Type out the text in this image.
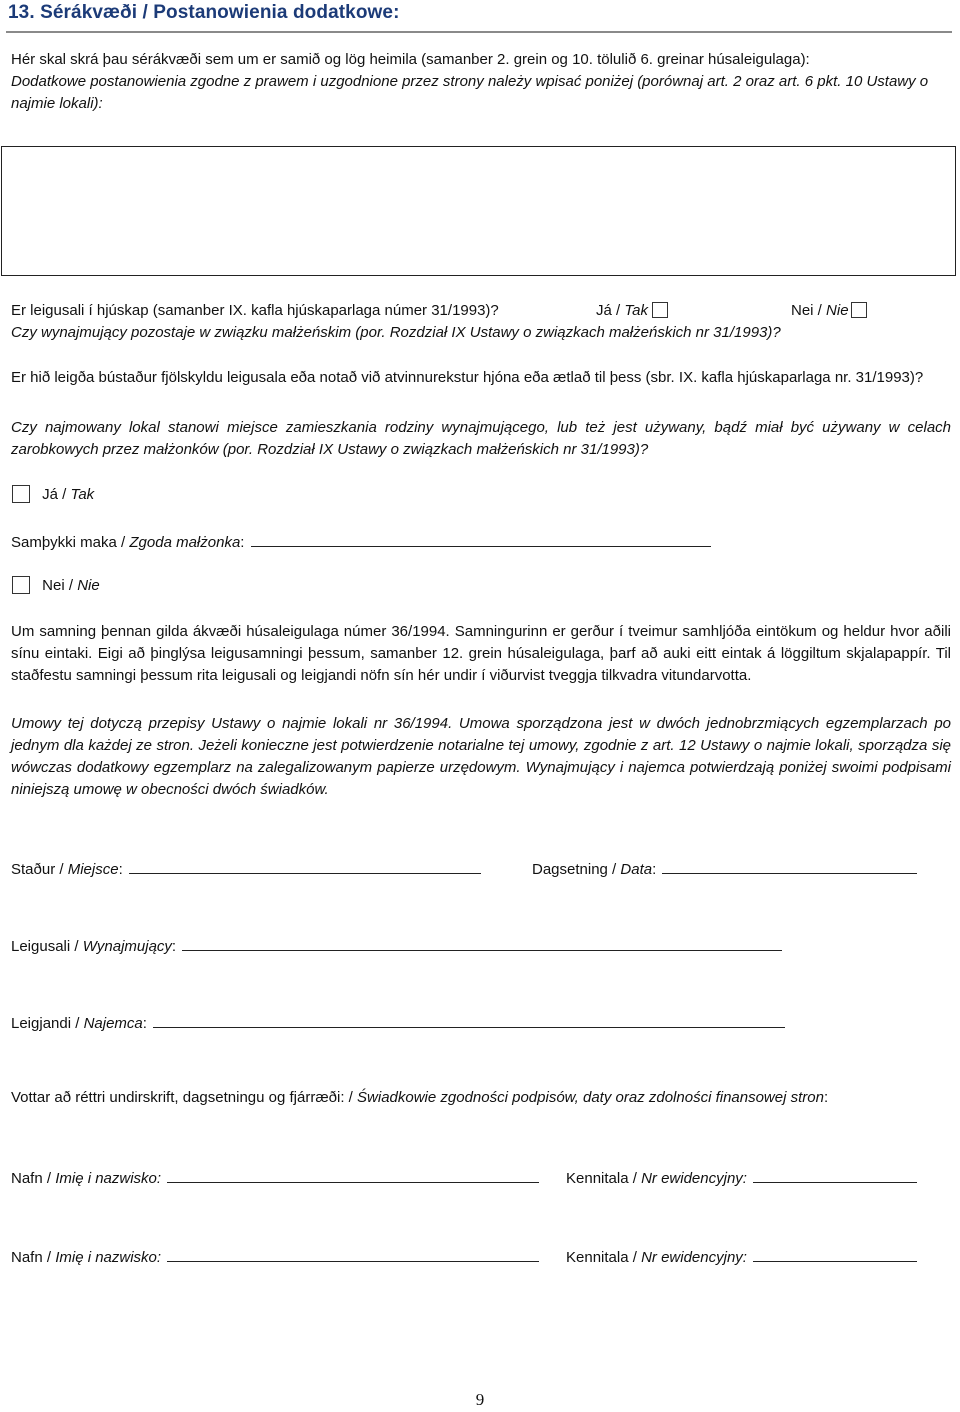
13. Sérákvæði / Postanowienia dodatkowe:
Hér skal skrá þau sérákvæði sem um er samið og lög heimila (samanber 2. grein og 10. tölulið 6. greinar húsaleigulaga):
Dodatkowe postanowienia zgodne z prawem i uzgodnione przez strony należy wpisać poniżej (porównaj art. 2 oraz art. 6 pkt. 10 Ustawy o najmie lokali):
Er leigusali í hjúskap (samanber IX. kafla hjúskaparlaga númer 31/1993)?	Já / Tak	Nei / Nie
Czy wynajmujący pozostaje w związku małżeńskim (por. Rozdział IX Ustawy o związkach małżeńskich nr 31/1993)?
Er hið leigða bústaður fjölskyldu leigusala eða notað við atvinnurekstur hjóna eða ætlað til þess (sbr. IX. kafla hjúskaparlaga nr. 31/1993)?
Czy najmowany lokal stanowi miejsce zamieszkania rodziny wynajmującego, lub też jest używany, bądź miał być używany w celach zarobkowych przez małżonków (por. Rozdział IX Ustawy o związkach małżeńskich nr 31/1993)?
Já / Tak
Samþykki maka / Zgoda małżonka:
Nei / Nie
Um samning þennan gilda ákvæði húsaleigulaga númer 36/1994. Samningurinn er gerður í tveimur samhljóða eintökum og heldur hvor aðili sínu eintaki. Eigi að þinglýsa leigusamningi þessum, samanber 12. grein húsaleigulaga, þarf að auki eitt eintak á löggiltum skjalapappír. Til staðfestu samningi þessum rita leigusali og leigjandi nöfn sín hér undir í viðurvist tveggja tilkvadra vitundarvotta.
Umowy tej dotyczą przepisy Ustawy o najmie lokali nr 36/1994. Umowa sporządzona jest w dwóch jednobrzmiących egzemplarzach po jednym dla każdej ze stron. Jeżeli konieczne jest potwierdzenie notarialne tej umowy, zgodnie z art. 12 Ustawy o najmie lokali, sporządza się wówczas dodatkowy egzemplarz na zalegalizowanym papierze urzędowym. Wynajmujący i najemca potwierdzają poniżej swoimi podpisami niniejszą umowę w obecności dwóch świadków.
Staður / Miejsce:	Dagsetning / Data:
Leigusali / Wynajmujący:
Leigjandi / Najemca:
Vottar að réttri undirskrift, dagsetningu og fjárræði: / Świadkowie zgodności podpisów, daty oraz zdolności finansowej stron:
Nafn / Imię i nazwisko:	Kennitala / Nr ewidencyjny:
Nafn / Imię i nazwisko:	Kennitala / Nr ewidencyjny:
9
